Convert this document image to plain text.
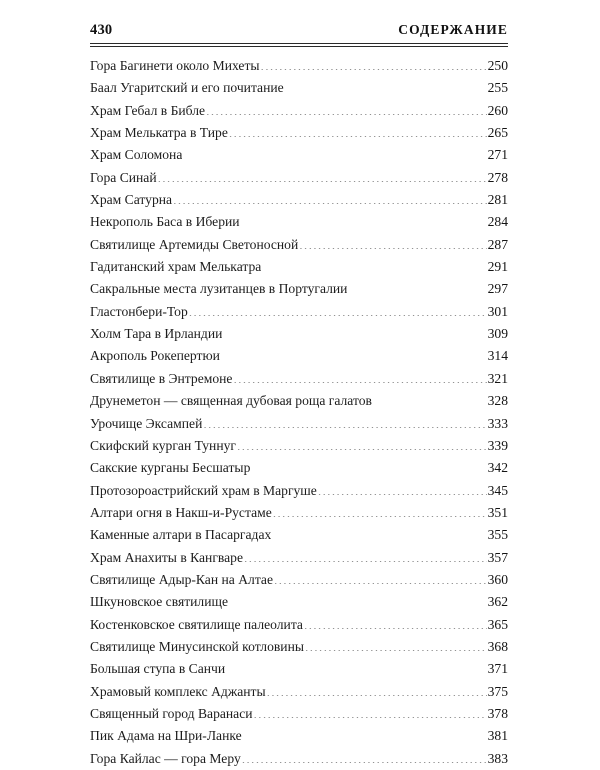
430	СОДЕРЖАНИЕ
Гора Багинети около Михеты .....	250
Баал Угаритский и его почитание .....	255
Храм Гебал в Библе .....	260
Храм Мелькатра в Тире .....	265
Храм Соломона .....	271
Гора Синай .....	278
Храм Сатурна .....	281
Некрополь Баса в Иберии .....	284
Святилище Артемиды Светоносной .....	287
Гадитанский храм Мелькатра .....	291
Сакральные места лузитанцев в Португалии .....	297
Гластонбери-Тор .....	301
Холм Тара в Ирландии .....	309
Акрополь Рокепертюи .....	314
Святилище в Энтремоне .....	321
Друнеметон — священная дубовая роща галатов .....	328
Урочище Эксампей .....	333
Скифский курган Туннуг .....	339
Сакские курганы Бесшатыр .....	342
Протозороастрийский храм в Маргуше .....	345
Алтари огня в Накш-и-Рустаме .....	351
Каменные алтари в Пасаргадах .....	355
Храм Анахиты в Кангваре .....	357
Святилище Адыр-Кан на Алтае .....	360
Шкуновское святилище .....	362
Костенковское святилище палеолита .....	365
Святилище Минусинской котловины .....	368
Большая ступа в Санчи .....	371
Храмовый комплекс Аджанты .....	375
Священный город Варанаси .....	378
Пик Адама на Шри-Ланке .....	381
Гора Кайлас — гора Меру .....	383
